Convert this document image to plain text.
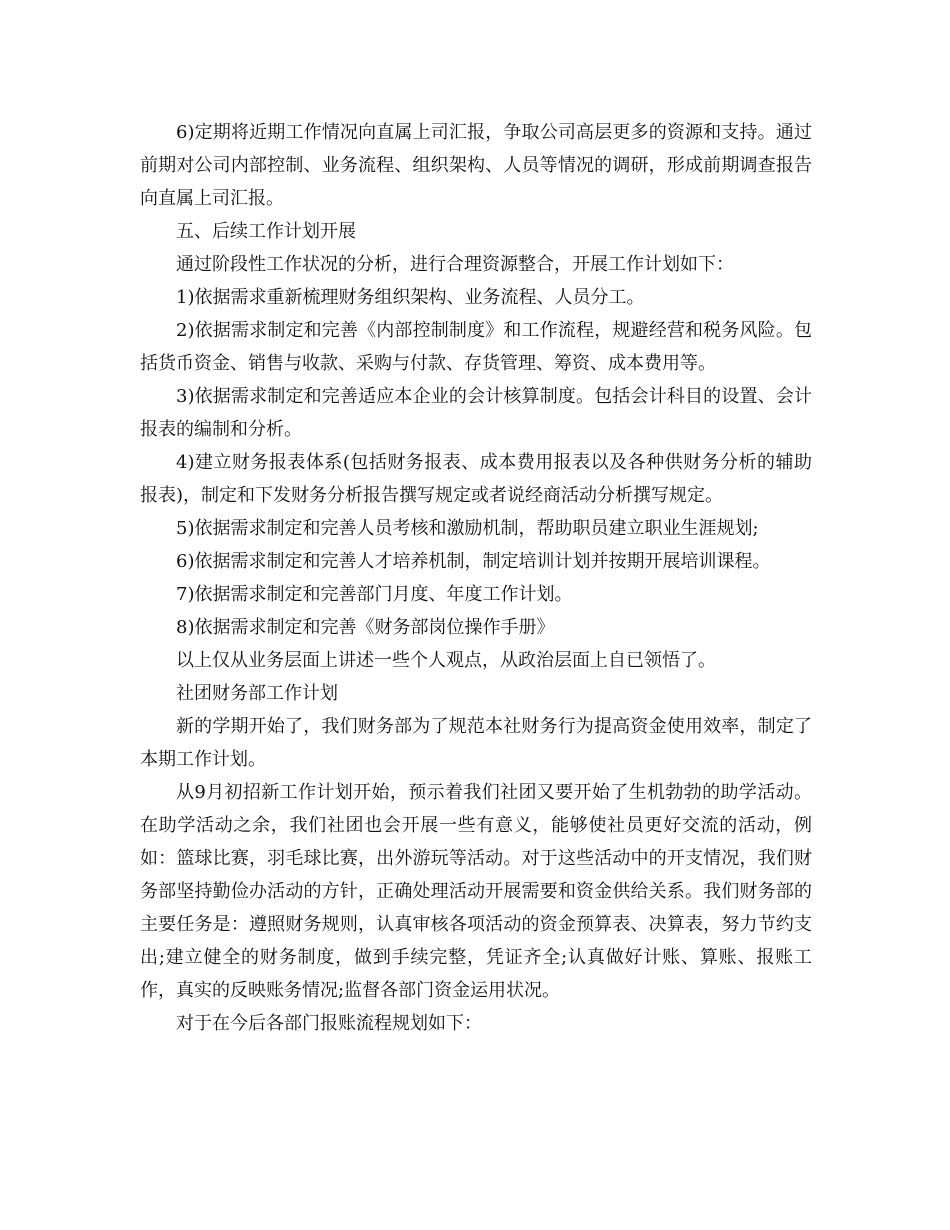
6)定期将近期工作情况向直属上司汇报，争取公司高层更多的资源和支持。通过前期对公司内部控制、业务流程、组织架构、人员等情况的调研，形成前期调查报告向直属上司汇报。

五、后续工作计划开展

通过阶段性工作状况的分析，进行合理资源整合，开展工作计划如下：

1)依据需求重新梳理财务组织架构、业务流程、人员分工。

2)依据需求制定和完善《内部控制制度》和工作流程，规避经营和税务风险。包括货币资金、销售与收款、采购与付款、存货管理、筹资、成本费用等。

3)依据需求制定和完善适应本企业的会计核算制度。包括会计科目的设置、会计报表的编制和分析。

4)建立财务报表体系(包括财务报表、成本费用报表以及各种供财务分析的辅助报表)，制定和下发财务分析报告撰写规定或者说经商活动分析撰写规定。

5)依据需求制定和完善人员考核和激励机制，帮助职员建立职业生涯规划;

6)依据需求制定和完善人才培养机制，制定培训计划并按期开展培训课程。

7)依据需求制定和完善部门月度、年度工作计划。

8)依据需求制定和完善《财务部岗位操作手册》

以上仅从业务层面上讲述一些个人观点，从政治层面上自已领悟了。

社团财务部工作计划

新的学期开始了，我们财务部为了规范本社财务行为提高资金使用效率，制定了本期工作计划。

从9月初招新工作计划开始，预示着我们社团又要开始了生机勃勃的助学活动。在助学活动之余，我们社团也会开展一些有意义，能够使社员更好交流的活动，例如：篮球比赛，羽毛球比赛，出外游玩等活动。对于这些活动中的开支情况，我们财务部坚持勤俭办活动的方针，正确处理活动开展需要和资金供给关系。我们财务部的主要任务是：遵照财务规则，认真审核各项活动的资金预算表、决算表，努力节约支出;建立健全的财务制度，做到手续完整，凭证齐全;认真做好计账、算账、报账工作，真实的反映账务情况;监督各部门资金运用状况。

对于在今后各部门报账流程规划如下：
